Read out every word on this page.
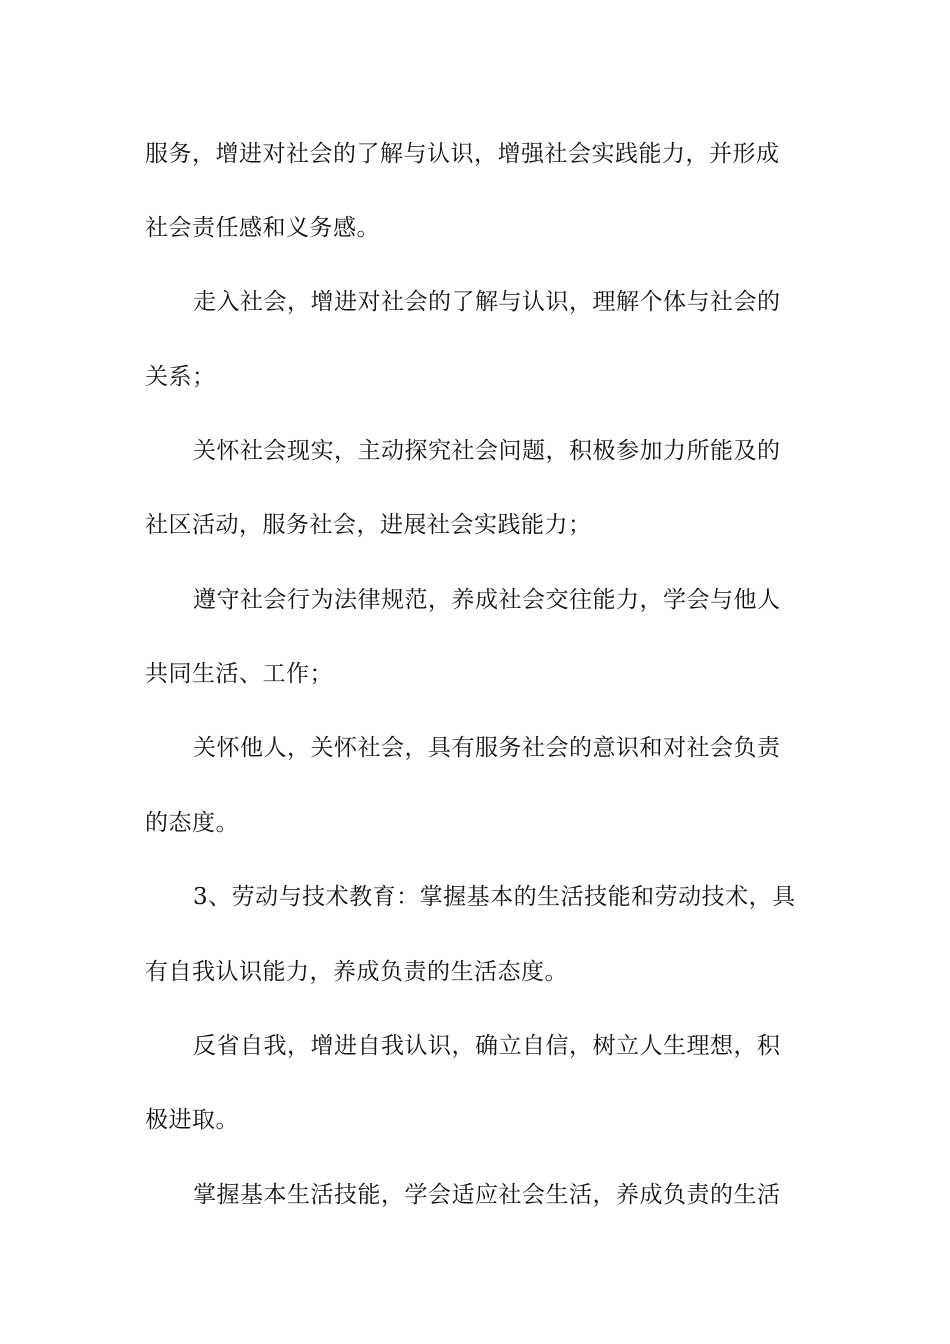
服务，增进对社会的了解与认识，增强社会实践能力，并形成
社会责任感和义务感。
走入社会，增进对社会的了解与认识，理解个体与社会的
关系；
关怀社会现实，主动探究社会问题，积极参加力所能及的
社区活动，服务社会，进展社会实践能力；
遵守社会行为法律规范，养成社会交往能力，学会与他人
共同生活、工作；
关怀他人，关怀社会，具有服务社会的意识和对社会负责
的态度。
3、劳动与技术教育：掌握基本的生活技能和劳动技术，具
有自我认识能力，养成负责的生活态度。
反省自我，增进自我认识，确立自信，树立人生理想，积
极进取。
掌握基本生活技能，学会适应社会生活，养成负责的生活
